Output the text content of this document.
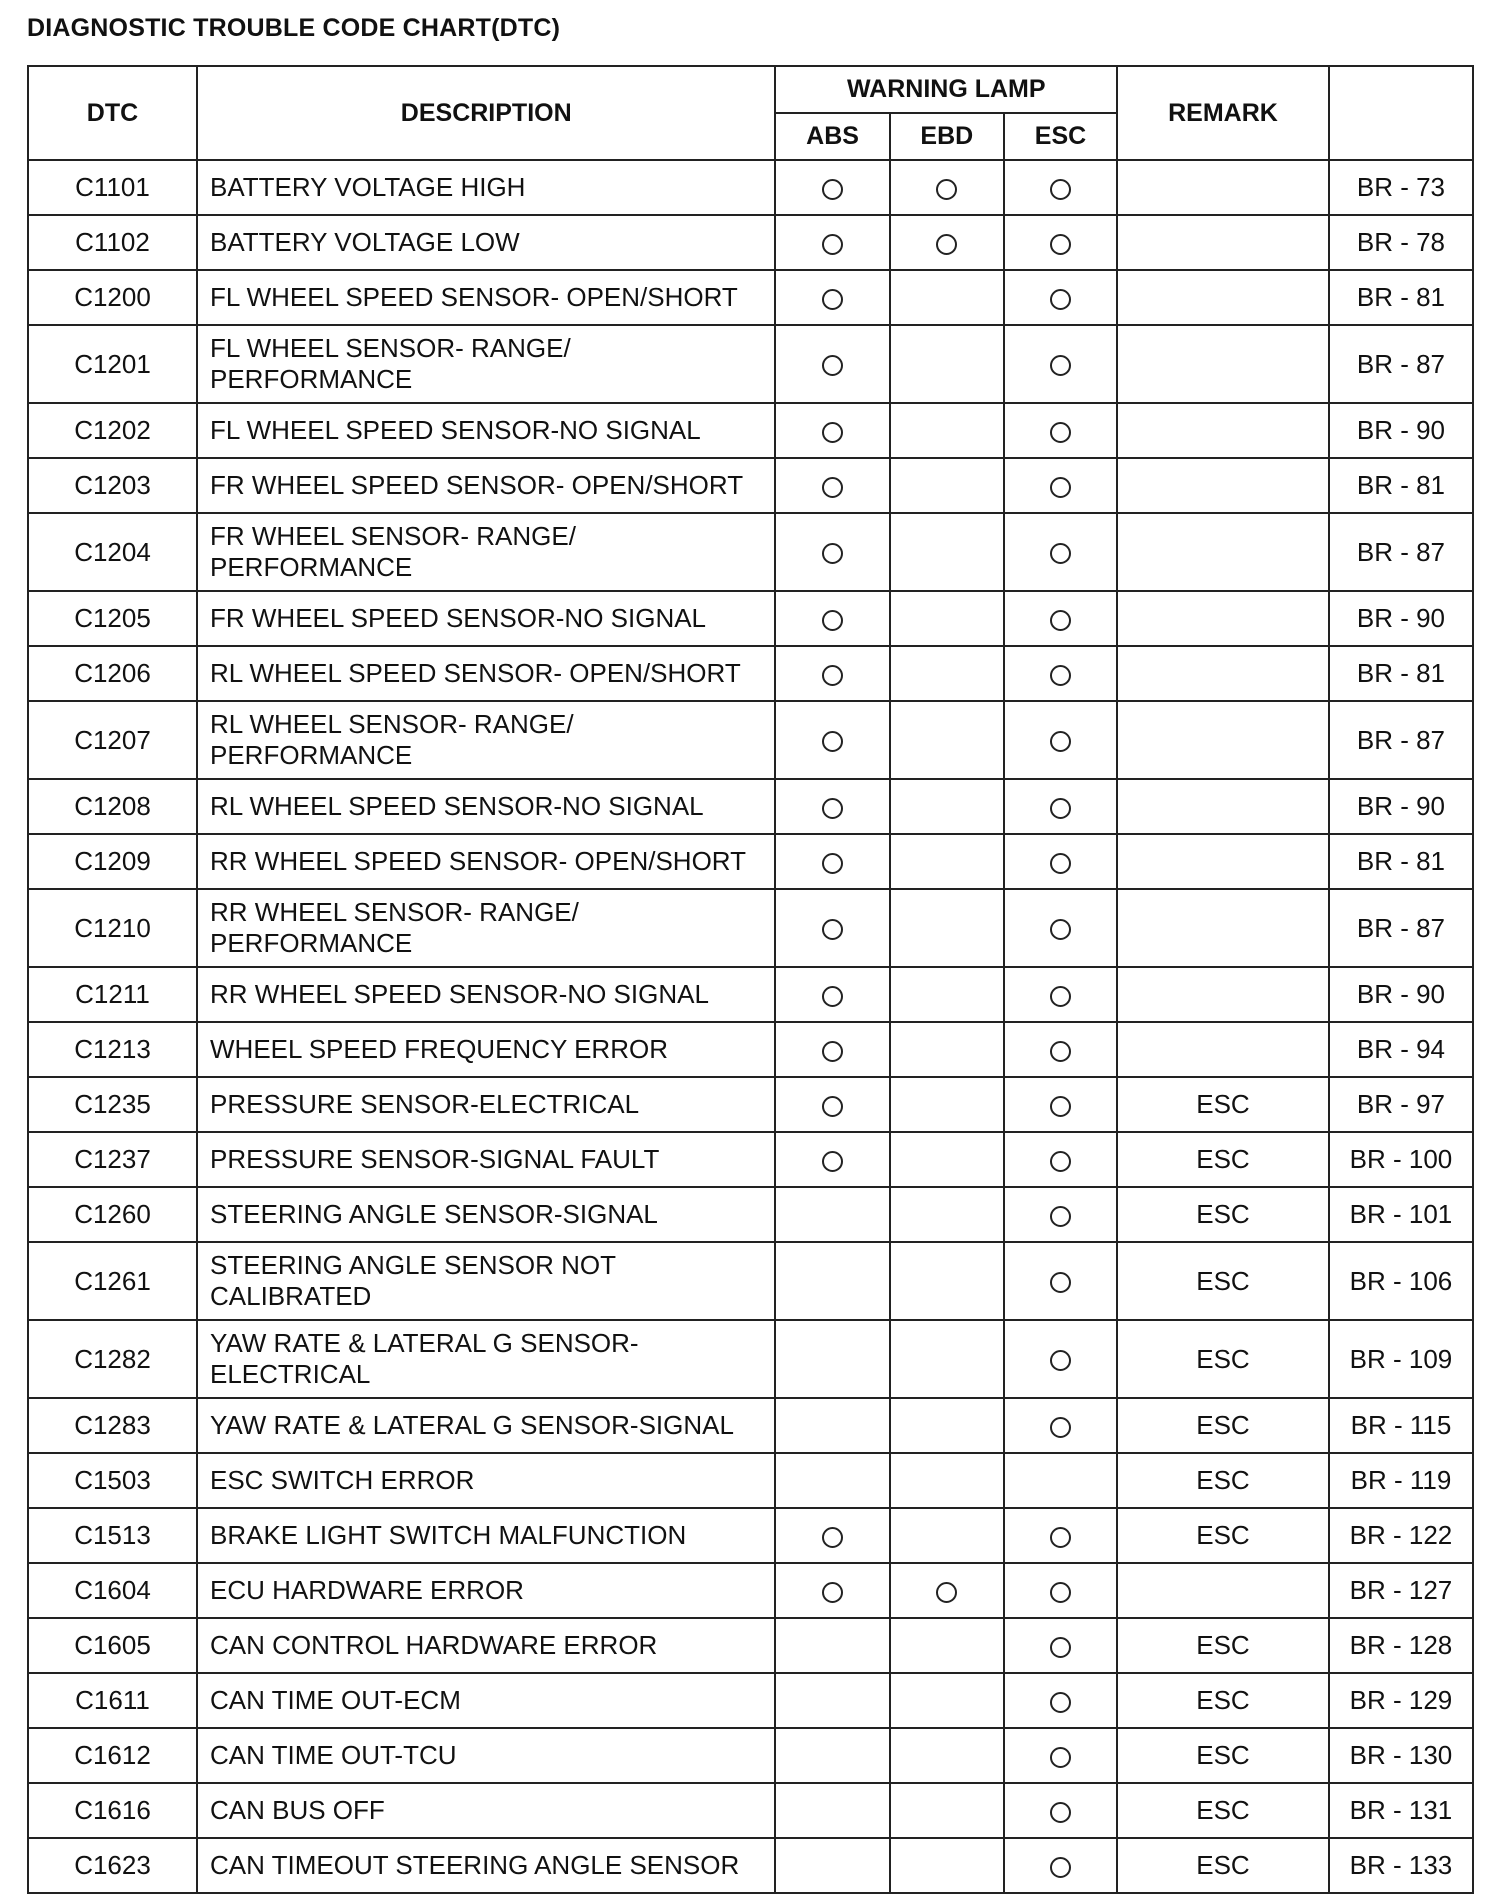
DIAGNOSTIC TROUBLE CODE CHART(DTC)
DTC	DESCRIPTION	WARNING LAMP			REMARK	
		ABS	EBD	ESC		
C1101	BATTERY VOLTAGE HIGH					BR - 73
C1102	BATTERY VOLTAGE LOW					BR - 78
C1200	FL WHEEL SPEED SENSOR- OPEN/SHORT					BR - 81
C1201	FL WHEEL SENSOR- RANGE/
PERFORMANCE					BR - 87
C1202	FL WHEEL SPEED SENSOR-NO SIGNAL					BR - 90
C1203	FR WHEEL SPEED SENSOR- OPEN/SHORT					BR - 81
C1204	FR WHEEL SENSOR- RANGE/
PERFORMANCE					BR - 87
C1205	FR WHEEL SPEED SENSOR-NO SIGNAL					BR - 90
C1206	RL WHEEL SPEED SENSOR- OPEN/SHORT					BR - 81
C1207	RL WHEEL SENSOR- RANGE/
PERFORMANCE					BR - 87
C1208	RL WHEEL SPEED SENSOR-NO SIGNAL					BR - 90
C1209	RR WHEEL SPEED SENSOR- OPEN/SHORT					BR - 81
C1210	RR WHEEL SENSOR- RANGE/
PERFORMANCE					BR - 87
C1211	RR WHEEL SPEED SENSOR-NO SIGNAL					BR - 90
C1213	WHEEL SPEED FREQUENCY ERROR					BR - 94
C1235	PRESSURE SENSOR-ELECTRICAL				ESC	BR - 97
C1237	PRESSURE SENSOR-SIGNAL FAULT				ESC	BR - 100
C1260	STEERING ANGLE SENSOR-SIGNAL				ESC	BR - 101
C1261	STEERING ANGLE SENSOR NOT
CALIBRATED				ESC	BR - 106
C1282	YAW RATE & LATERAL G SENSOR-
ELECTRICAL				ESC	BR - 109
C1283	YAW RATE & LATERAL G SENSOR-SIGNAL				ESC	BR - 115
C1503	ESC SWITCH ERROR				ESC	BR - 119
C1513	BRAKE LIGHT SWITCH MALFUNCTION				ESC	BR - 122
C1604	ECU HARDWARE ERROR					BR - 127
C1605	CAN CONTROL HARDWARE ERROR				ESC	BR - 128
C1611	CAN TIME OUT-ECM				ESC	BR - 129
C1612	CAN TIME OUT-TCU				ESC	BR - 130
C1616	CAN BUS OFF				ESC	BR - 131
C1623	CAN TIMEOUT STEERING ANGLE SENSOR				ESC	BR - 133
